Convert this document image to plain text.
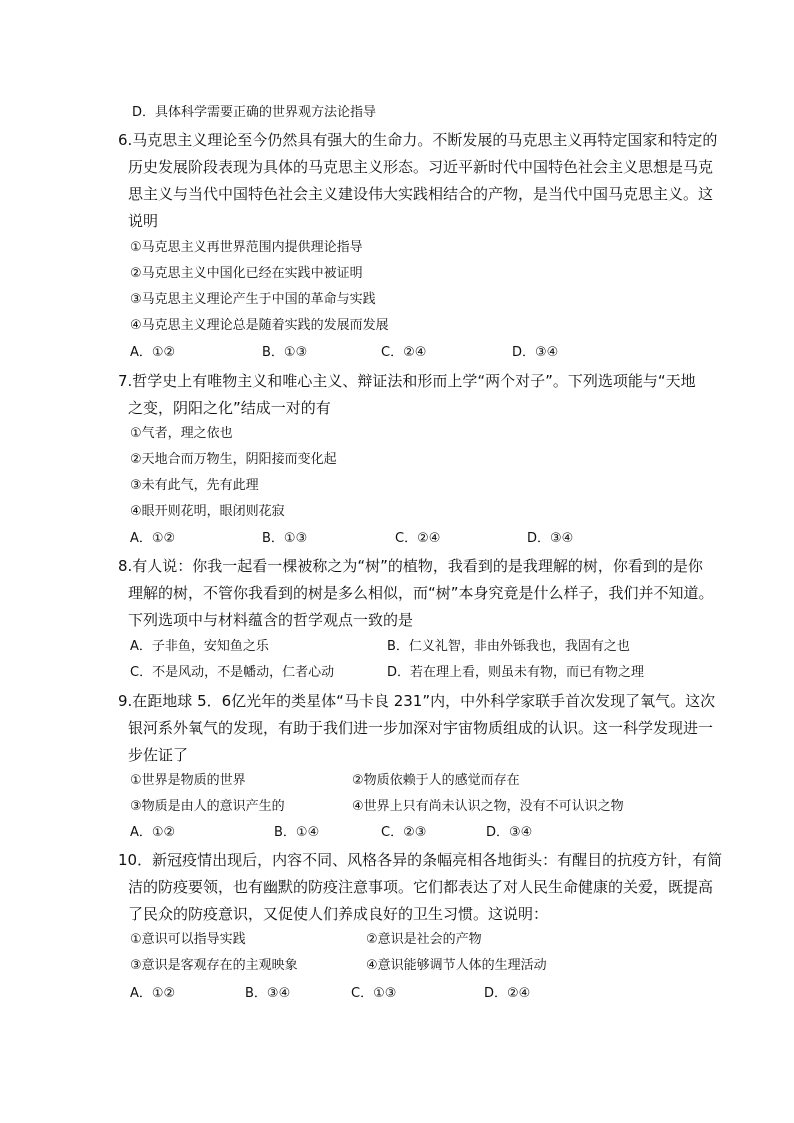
D．具体科学需要正确的世界观方法论指导
6.马克思主义理论至今仍然具有强大的生命力。不断发展的马克思主义再特定国家和特定的
历史发展阶段表现为具体的马克思主义形态。习近平新时代中国特色社会主义思想是马克
思主义与当代中国特色社会主义建设伟大实践相结合的产物，是当代中国马克思主义。这
说明
①马克思主义再世界范围内提供理论指导
②马克思主义中国化已经在实践中被证明
③马克思主义理论产生于中国的革命与实践
④马克思主义理论总是随着实践的发展而发展
A．①②	B．①③	C．②④	D．③④
7.哲学史上有唯物主义和唯心主义、辩证法和形而上学“两个对子”。下列选项能与“天地
之变，阴阳之化”结成一对的有
①气者，理之依也
②天地合而万物生，阴阳接而变化起
③未有此气，先有此理
④眼开则花明，眼闭则花寂
A．①②	B．①③	C．②④	D．③④
8.有人说：你我一起看一棵被称之为“树”的植物，我看到的是我理解的树，你看到的是你
理解的树，不管你我看到的树是多么相似，而“树”本身究竟是什么样子，我们并不知道。
下列选项中与材料蕴含的哲学观点一致的是
A．子非鱼，安知鱼之乐	B．仁义礼智，非由外铄我也，我固有之也
C．不是风动，不是幡动，仁者心动	D．若在理上看，则虽未有物，而已有物之理
9.在距地球 5．6亿光年的类星体“马卡良 231”内，中外科学家联手首次发现了氧气。这次
银河系外氧气的发现，有助于我们进一步加深对宇宙物质组成的认识。这一科学发现进一
步佐证了
①世界是物质的世界	②物质依赖于人的感觉而存在
③物质是由人的意识产生的	④世界上只有尚未认识之物，没有不可认识之物
A．①②	B．①④	C．②③	D．③④
10．新冠疫情出现后，内容不同、风格各异的条幅亮相各地街头：有醒目的抗疫方针，有简
洁的防疫要领，也有幽默的防疫注意事项。它们都表达了对人民生命健康的关爱，既提高
了民众的防疫意识，又促使人们养成良好的卫生习惯。这说明：
①意识可以指导实践	②意识是社会的产物
③意识是客观存在的主观映象	④意识能够调节人体的生理活动
A．①②	B．③④	C．①③	D．②④
